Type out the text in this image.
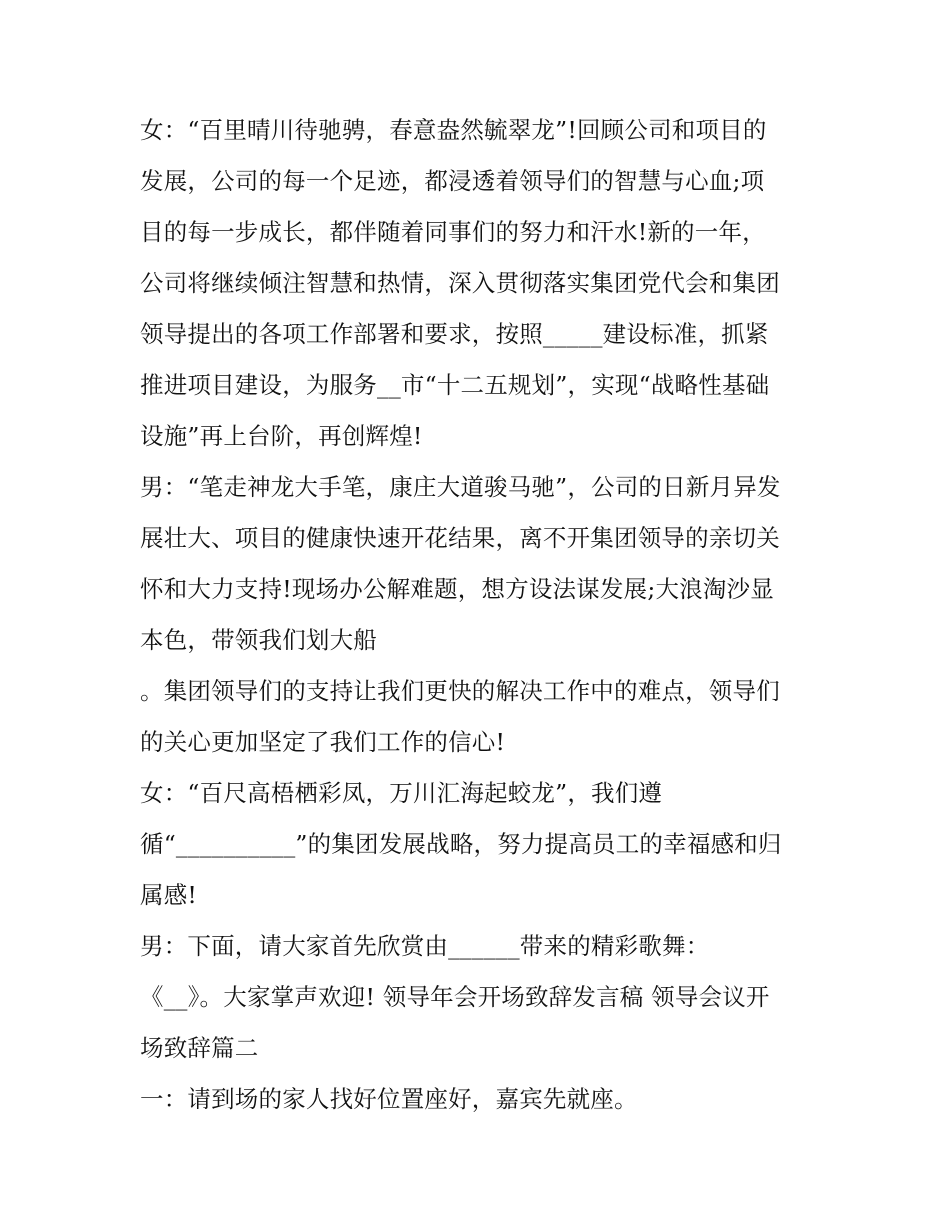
女：“百里晴川待驰骋，春意盎然毓翠龙”!回顾公司和项目的
发展，公司的每一个足迹，都浸透着领导们的智慧与心血;项
目的每一步成长，都伴随着同事们的努力和汗水!新的一年，
公司将继续倾注智慧和热情，深入贯彻落实集团党代会和集团
领导提出的各项工作部署和要求，按照_____建设标准，抓紧
推进项目建设，为服务__市“十二五规划”，实现“战略性基础
设施”再上台阶，再创辉煌!
男：“笔走神龙大手笔，康庄大道骏马驰”，公司的日新月异发
展壮大、项目的健康快速开花结果，离不开集团领导的亲切关
怀和大力支持!现场办公解难题，想方设法谋发展;大浪淘沙显
本色，带领我们划大船
。集团领导们的支持让我们更快的解决工作中的难点，领导们
的关心更加坚定了我们工作的信心!
女：“百尺高梧栖彩凤，万川汇海起蛟龙”，我们遵
循“__________”的集团发展战略，努力提高员工的幸福感和归
属感!
男：下面，请大家首先欣赏由______带来的精彩歌舞：
《__》。大家掌声欢迎! 领导年会开场致辞发言稿 领导会议开
场致辞篇二
一：请到场的家人找好位置座好，嘉宾先就座。
